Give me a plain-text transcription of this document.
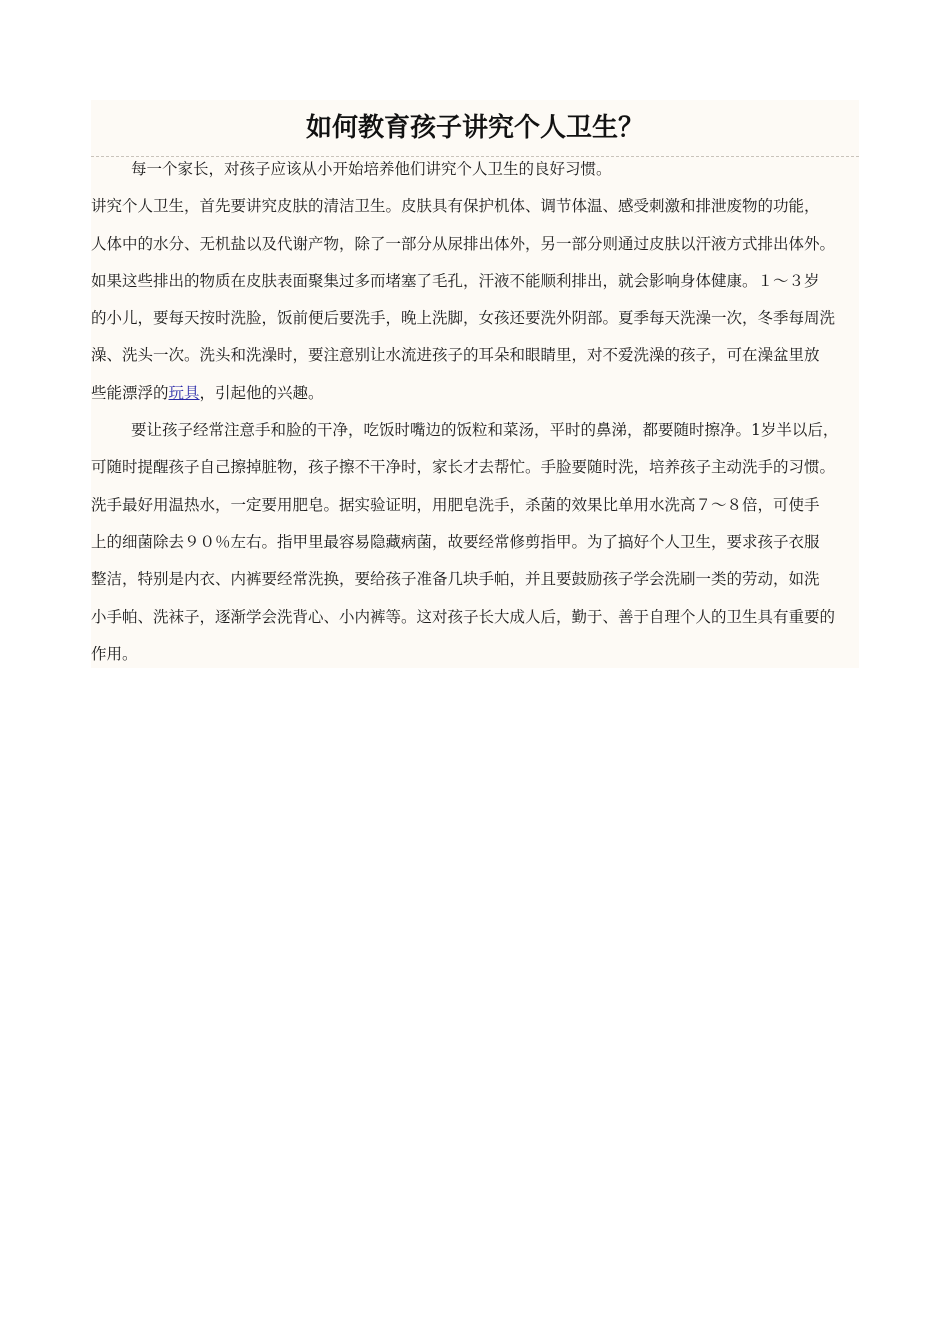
如何教育孩子讲究个人卫生？

每一个家长，对孩子应该从小开始培养他们讲究个人卫生的良好习惯。

讲究个人卫生，首先要讲究皮肤的清洁卫生。皮肤具有保护机体、调节体温、感受刺激和排泄废物的功能，

人体中的水分、无机盐以及代谢产物，除了一部分从尿排出体外，另一部分则通过皮肤以汗液方式排出体外。

如果这些排出的物质在皮肤表面聚集过多而堵塞了毛孔，汗液不能顺利排出，就会影响身体健康。１～３岁

的小儿，要每天按时洗脸，饭前便后要洗手，晚上洗脚，女孩还要洗外阴部。夏季每天洗澡一次，冬季每周洗

澡、洗头一次。洗头和洗澡时，要注意别让水流进孩子的耳朵和眼睛里，对不爱洗澡的孩子，可在澡盆里放

些能漂浮的玩具，引起他的兴趣。

要让孩子经常注意手和脸的干净，吃饭时嘴边的饭粒和菜汤，平时的鼻涕，都要随时擦净。1岁半以后，

可随时提醒孩子自己擦掉脏物，孩子擦不干净时，家长才去帮忙。手脸要随时洗，培养孩子主动洗手的习惯。

洗手最好用温热水，一定要用肥皂。据实验证明，用肥皂洗手，杀菌的效果比单用水洗高７～８倍，可使手

上的细菌除去９０％左右。指甲里最容易隐藏病菌，故要经常修剪指甲。为了搞好个人卫生，要求孩子衣服

整洁，特别是内衣、内裤要经常洗换，要给孩子准备几块手帕，并且要鼓励孩子学会洗刷一类的劳动，如洗

小手帕、洗袜子，逐渐学会洗背心、小内裤等。这对孩子长大成人后，勤于、善于自理个人的卫生具有重要的

作用。
